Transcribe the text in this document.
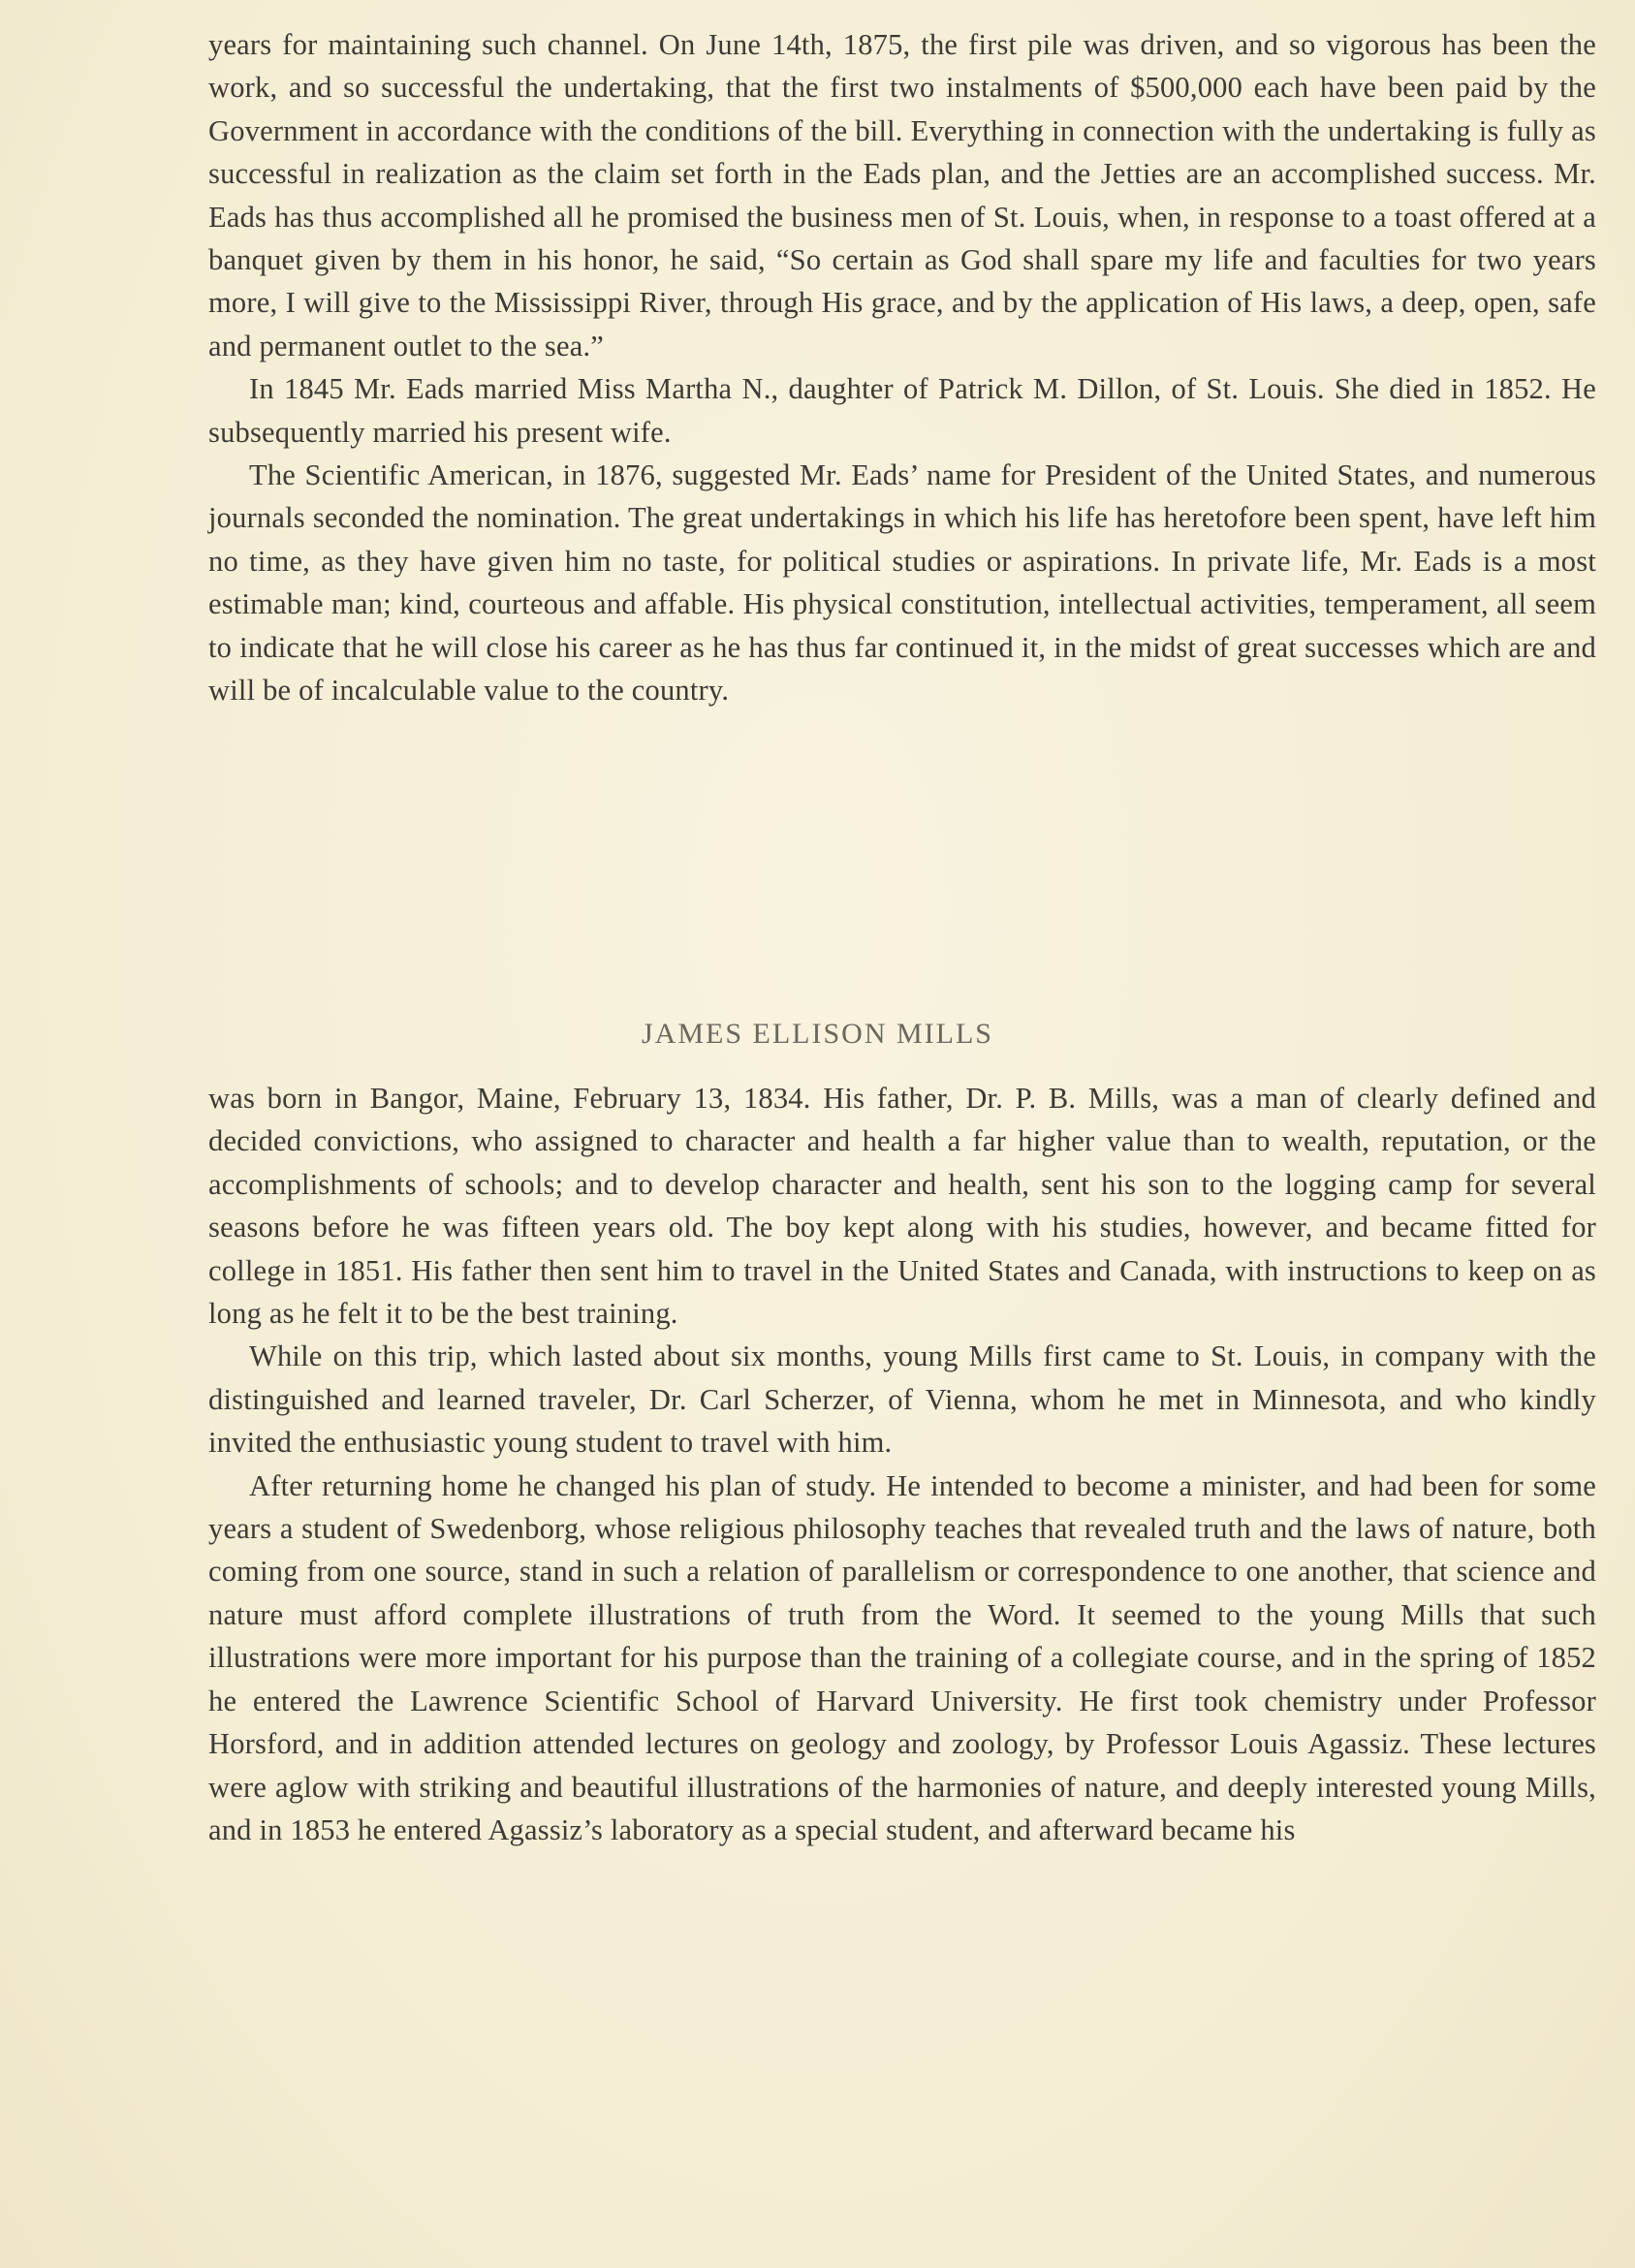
years for maintaining such channel. On June 14th, 1875, the first pile was driven, and so vigorous has been the work, and so successful the undertaking, that the first two instalments of $500,000 each have been paid by the Government in accordance with the conditions of the bill. Everything in connection with the undertaking is fully as successful in realization as the claim set forth in the Eads plan, and the Jetties are an accomplished success. Mr. Eads has thus accomplished all he promised the business men of St. Louis, when, in response to a toast offered at a banquet given by them in his honor, he said, “So certain as God shall spare my life and faculties for two years more, I will give to the Mississippi River, through His grace, and by the application of His laws, a deep, open, safe and permanent outlet to the sea.”

In 1845 Mr. Eads married Miss Martha N., daughter of Patrick M. Dillon, of St. Louis. She died in 1852. He subsequently married his present wife.

The Scientific American, in 1876, suggested Mr. Eads’ name for President of the United States, and numerous journals seconded the nomination. The great undertakings in which his life has heretofore been spent, have left him no time, as they have given him no taste, for political studies or aspirations. In private life, Mr. Eads is a most estimable man; kind, courteous and affable. His physical constitution, intellectual activities, temperament, all seem to indicate that he will close his career as he has thus far continued it, in the midst of great successes which are and will be of incalculable value to the country.

JAMES ELLISON MILLS

was born in Bangor, Maine, February 13, 1834. His father, Dr. P. B. Mills, was a man of clearly defined and decided convictions, who assigned to character and health a far higher value than to wealth, reputation, or the accomplishments of schools; and to develop character and health, sent his son to the logging camp for several seasons before he was fifteen years old. The boy kept along with his studies, however, and became fitted for college in 1851. His father then sent him to travel in the United States and Canada, with instructions to keep on as long as he felt it to be the best training.

While on this trip, which lasted about six months, young Mills first came to St. Louis, in company with the distinguished and learned traveler, Dr. Carl Scherzer, of Vienna, whom he met in Minnesota, and who kindly invited the enthusiastic young student to travel with him.

After returning home he changed his plan of study. He intended to become a minister, and had been for some years a student of Swedenborg, whose religious philosophy teaches that revealed truth and the laws of nature, both coming from one source, stand in such a relation of parallelism or correspondence to one another, that science and nature must afford complete illustrations of truth from the Word. It seemed to the young Mills that such illustrations were more important for his purpose than the training of a collegiate course, and in the spring of 1852 he entered the Lawrence Scientific School of Harvard University. He first took chemistry under Professor Horsford, and in addition attended lectures on geology and zoology, by Professor Louis Agassiz. These lectures were aglow with striking and beautiful illustrations of the harmonies of nature, and deeply interested young Mills, and in 1853 he entered Agassiz’s laboratory as a special student, and afterward became his
